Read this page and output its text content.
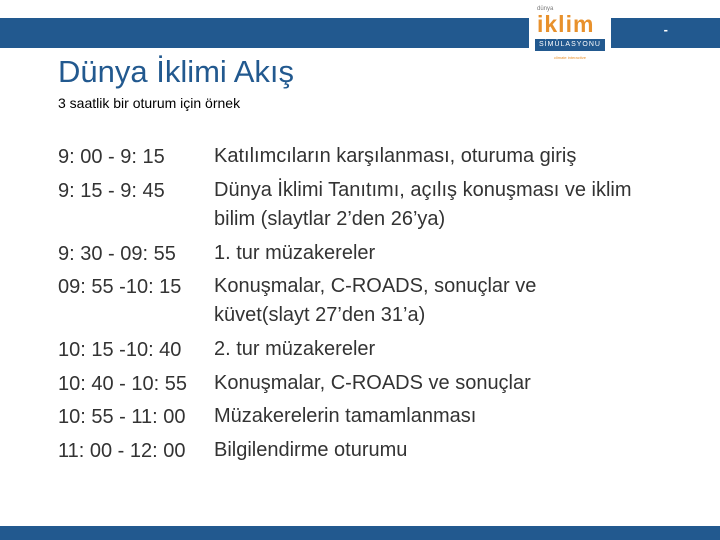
-
dünya
iklim
SİMÜLASYONU
climate interactive
Dünya İklimi Akış
3 saatlik bir oturum için örnek
9: 00 - 9: 15	Katılımcıların karşılanması, oturuma giriş
9: 15 - 9: 45	Dünya İklimi Tanıtımı, açılış konuşması ve iklim bilim (slaytlar 2’den 26’ya)
9: 30 - 09: 55	1. tur müzakereler
09: 55 -10: 15	Konuşmalar, C-ROADS, sonuçlar ve küvet(slayt 27’den 31’a)
10: 15 -10: 40	2. tur müzakereler
10: 40 - 10: 55	Konuşmalar, C-ROADS ve sonuçlar
10: 55 - 11: 00	Müzakerelerin tamamlanması
11: 00 - 12: 00	Bilgilendirme oturumu
